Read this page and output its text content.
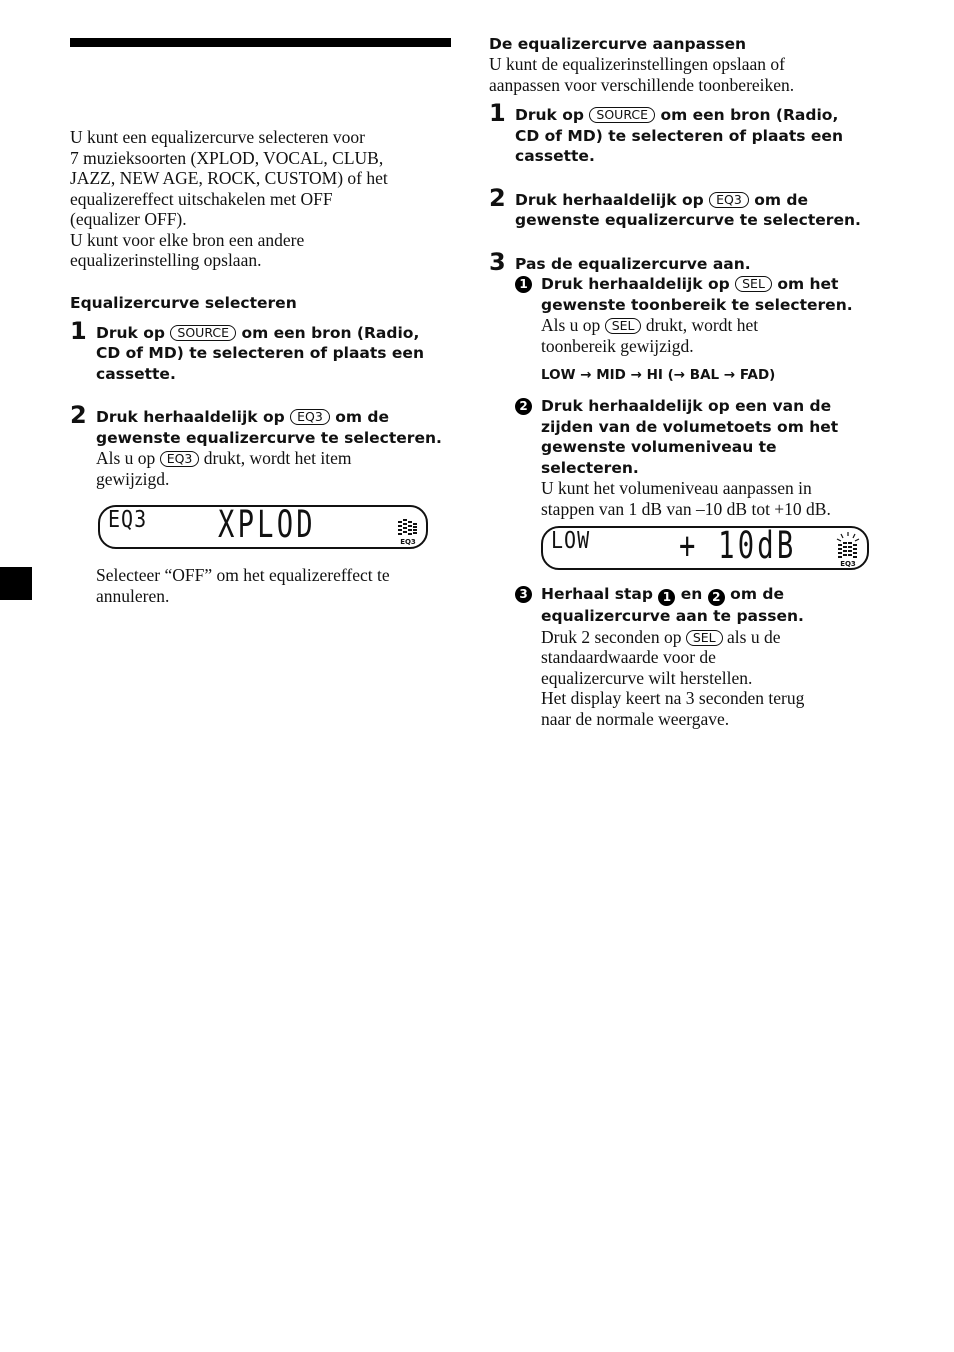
U kunt een equalizercurve selecteren voor
7 muzieksoorten (XPLOD, VOCAL, CLUB,
JAZZ, NEW AGE, ROCK, CUSTOM) of het
equalizereffect uitschakelen met OFF
(equalizer OFF).
U kunt voor elke bron een andere
equalizerinstelling opslaan.
Equalizercurve selecteren
1 Druk op SOURCE om een bron (Radio,
CD of MD) te selecteren of plaats een
cassette.
2 Druk herhaaldelijk op EQ3 om de
gewenste equalizercurve te selecteren.
Als u op EQ3 drukt, wordt het item
gewijzigd.
EQ3 XPLOD	EQ3
Selecteer “OFF” om het equalizereffect te
annuleren.
De equalizercurve aanpassen
U kunt de equalizerinstellingen opslaan of
aanpassen voor verschillende toonbereiken.
1 Druk op SOURCE om een bron (Radio,
CD of MD) te selecteren of plaats een
cassette.
2 Druk herhaaldelijk op EQ3 om de
gewenste equalizercurve te selecteren.
3 Pas de equalizercurve aan.
1 Druk herhaaldelijk op SEL om het
gewenste toonbereik te selecteren.
Als u op SEL drukt, wordt het
toonbereik gewijzigd.
LOW → MID → HI (→ BAL → FAD)
2 Druk herhaaldelijk op een van de
zijden van de volumetoets om het
gewenste volumeniveau te
selecteren.
U kunt het volumeniveau aanpassen in
stappen van 1 dB van –10 dB tot +10 dB.
LOW	+ 10dB	EQ3
3 Herhaal stap 1 en 2 om de
equalizercurve aan te passen.
Druk 2 seconden op SEL als u de
standaardwaarde voor de
equalizercurve wilt herstellen.
Het display keert na 3 seconden terug
naar de normale weergave.
